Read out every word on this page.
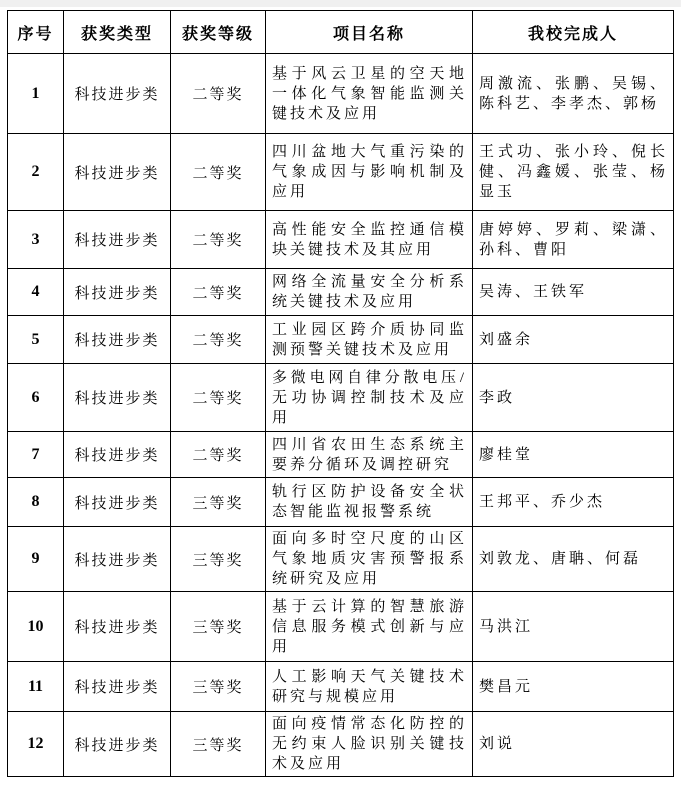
序号	获奖类型	获奖等级	项目名称	我校完成人
1	科技进步类	二等奖	基于风云卫星的空天地一体化气象智能监测关键技术及应用	周激流、张鹏、吴锡、陈科艺、李孝杰、郭杨
2	科技进步类	二等奖	四川盆地大气重污染的气象成因与影响机制及应用	王式功、张小玲、倪长健、冯鑫媛、张莹、杨显玉
3	科技进步类	二等奖	高性能安全监控通信模块关键技术及其应用	唐婷婷、罗莉、梁潇、孙科、曹阳
4	科技进步类	二等奖	网络全流量安全分析系统关键技术及应用	吴涛、王铁军
5	科技进步类	二等奖	工业园区跨介质协同监测预警关键技术及应用	刘盛余
6	科技进步类	二等奖	多微电网自律分散电压/无功协调控制技术及应用	李政
7	科技进步类	二等奖	四川省农田生态系统主要养分循环及调控研究	廖桂堂
8	科技进步类	三等奖	轨行区防护设备安全状态智能监视报警系统	王邦平、乔少杰
9	科技进步类	三等奖	面向多时空尺度的山区气象地质灾害预警报系统研究及应用	刘敦龙、唐聃、何磊
10	科技进步类	三等奖	基于云计算的智慧旅游信息服务模式创新与应用	马洪江
11	科技进步类	三等奖	人工影响天气关键技术研究与规模应用	樊昌元
12	科技进步类	三等奖	面向疫情常态化防控的无约束人脸识别关键技术及应用	刘说
